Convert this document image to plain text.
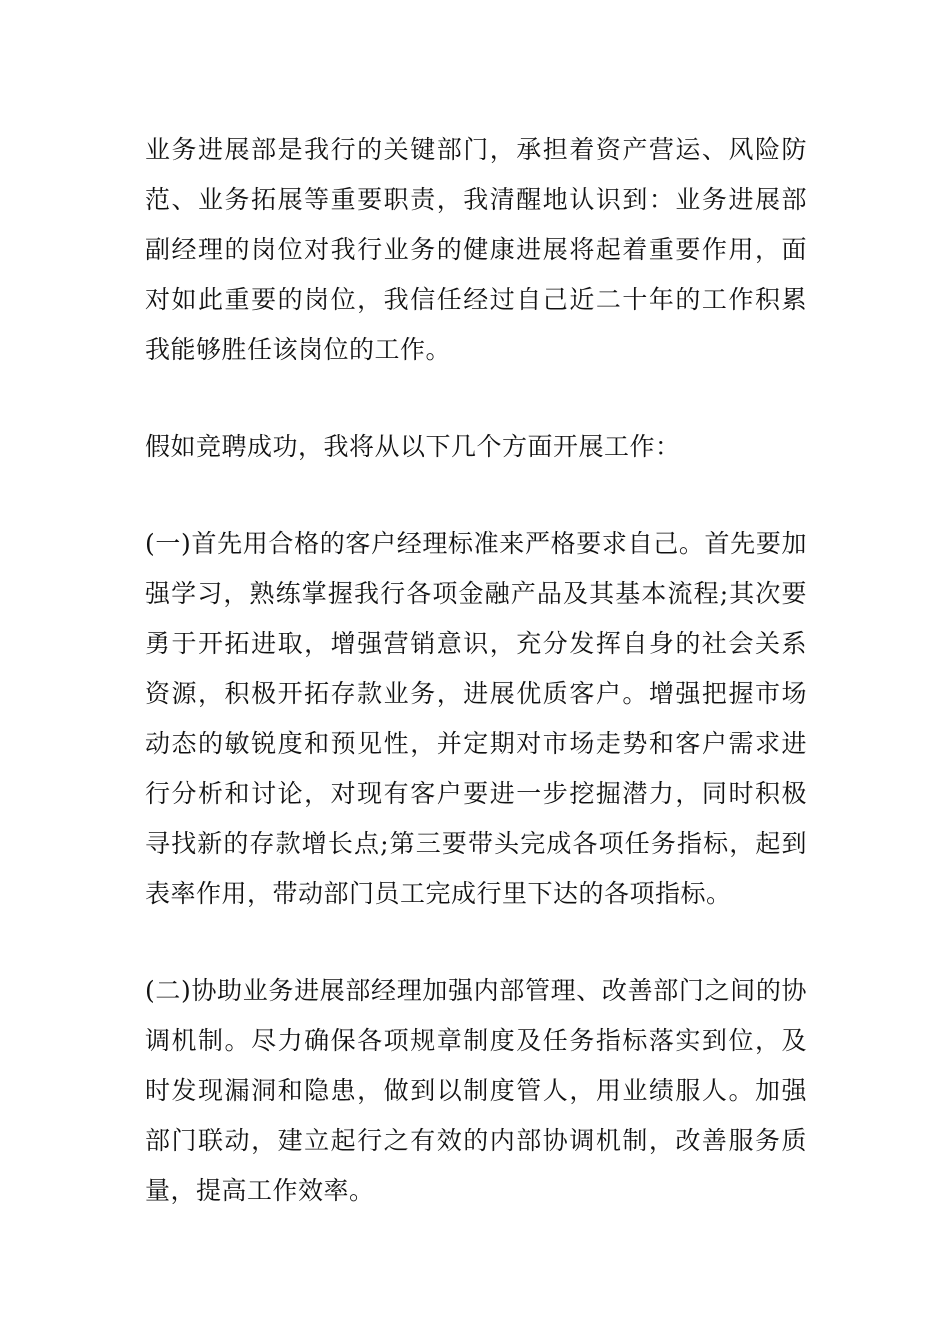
业务进展部是我行的关键部门，承担着资产营运、风险防范、业务拓展等重要职责，我清醒地认识到：业务进展部副经理的岗位对我行业务的健康进展将起着重要作用，面对如此重要的岗位，我信任经过自己近二十年的工作积累我能够胜任该岗位的工作。

假如竞聘成功，我将从以下几个方面开展工作：

(一)首先用合格的客户经理标准来严格要求自己。首先要加强学习，熟练掌握我行各项金融产品及其基本流程;其次要勇于开拓进取，增强营销意识，充分发挥自身的社会关系资源，积极开拓存款业务，进展优质客户。增强把握市场动态的敏锐度和预见性，并定期对市场走势和客户需求进行分析和讨论，对现有客户要进一步挖掘潜力，同时积极寻找新的存款增长点;第三要带头完成各项任务指标，起到表率作用，带动部门员工完成行里下达的各项指标。

(二)协助业务进展部经理加强内部管理、改善部门之间的协调机制。尽力确保各项规章制度及任务指标落实到位，及时发现漏洞和隐患，做到以制度管人，用业绩服人。加强部门联动，建立起行之有效的内部协调机制，改善服务质量，提高工作效率。
